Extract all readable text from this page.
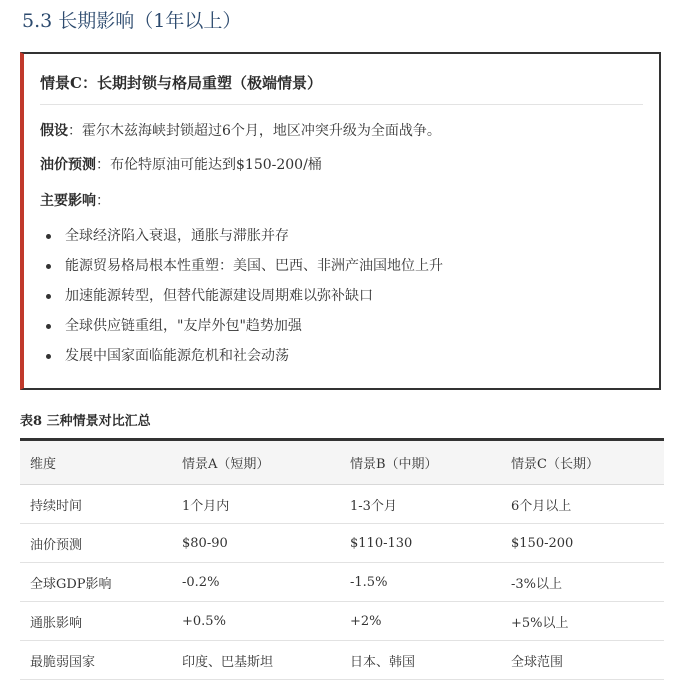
5.3 长期影响（1年以上）
情景C：长期封锁与格局重塑（极端情景）
假设：霍尔木兹海峡封锁超过6个月，地区冲突升级为全面战争。
油价预测：布伦特原油可能达到$150-200/桶
主要影响：
全球经济陷入衰退，通胀与滞胀并存
能源贸易格局根本性重塑：美国、巴西、非洲产油国地位上升
加速能源转型，但替代能源建设周期难以弥补缺口
全球供应链重组，"友岸外包"趋势加强
发展中国家面临能源危机和社会动荡
表8 三种情景对比汇总
维度	情景A（短期）	情景B（中期）	情景C（长期）
持续时间	1个月内	1-3个月	6个月以上
油价预测	$80-90	$110-130	$150-200
全球GDP影响	-0.2%	-1.5%	-3%以上
通胀影响	+0.5%	+2%	+5%以上
最脆弱国家	印度、巴基斯坦	日本、韩国	全球范围
